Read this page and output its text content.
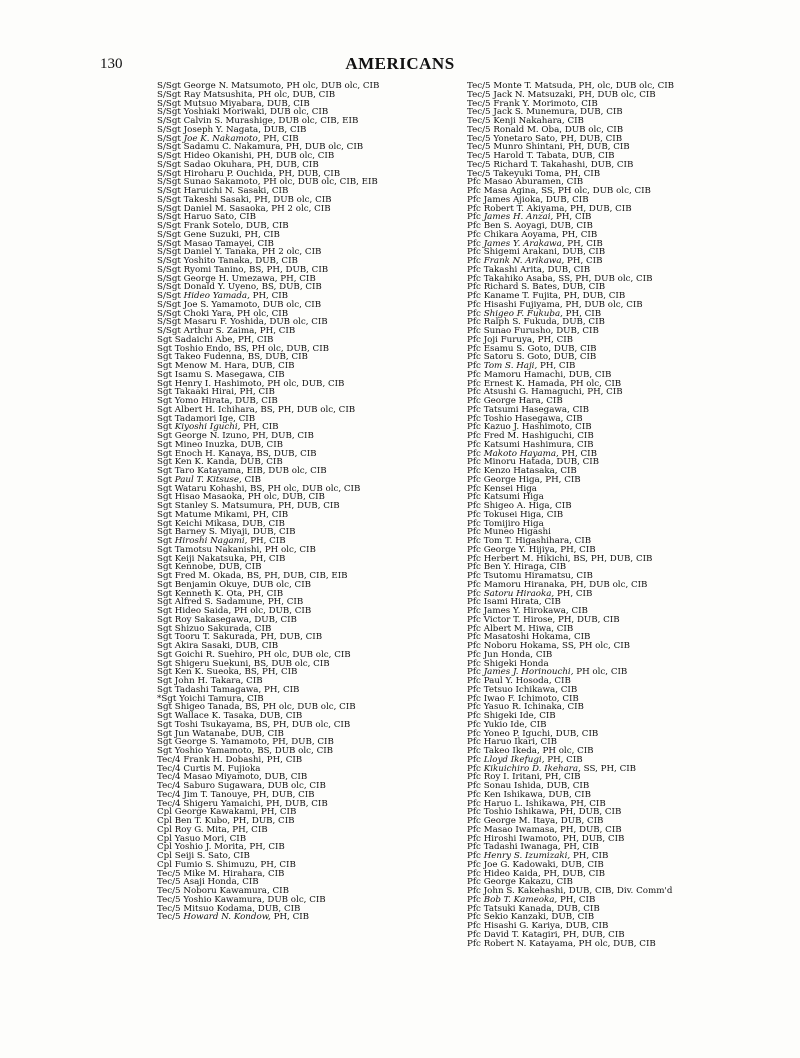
130	AMERICANS
S/Sgt George N. Matsumoto, PH olc, DUB olc, CIB
S/Sgt Ray Matsushita, PH olc, DUB, CIB
S/Sgt Mutsuo Miyabara, DUB, CIB
S/Sgt Yoshiaki Moriwaki, DUB olc, CIB
S/Sgt Calvin S. Murashige, DUB olc, CIB, EIB
S/Sgt Joseph Y. Nagata, DUB, CIB
S/Sgt Joe K. Nakamoto, PH, CIB
S/Sgt Sadamu C. Nakamura, PH, DUB olc, CIB
S/Sgt Hideo Okanishi, PH, DUB olc, CIB
S/Sgt Sadao Okuhara, PH, DUB, CIB
S/Sgt Hiroharu P. Ouchida, PH, DUB, CIB
S/Sgt Sunao Sakamoto, PH olc, DUB olc, CIB, EIB
S/Sgt Haruichi N. Sasaki, CIB
S/Sgt Takeshi Sasaki, PH, DUB olc, CIB
S/Sgt Daniel M. Sasaoka, PH 2 olc, CIB
S/Sgt Haruo Sato, CIB
S/Sgt Frank Sotelo, DUB, CIB
S/Sgt Gene Suzuki, PH, CIB
S/Sgt Masao Tamayei, CIB
S/Sgt Daniel Y. Tanaka, PH 2 olc, CIB
S/Sgt Yoshito Tanaka, DUB, CIB
S/Sgt Ryomi Tanino, BS, PH, DUB, CIB
S/Sgt George H. Umezawa, PH, CIB
S/Sgt Donald Y. Uyeno, BS, DUB, CIB
S/Sgt Hideo Yamada, PH, CIB
S/Sgt Joe S. Yamamoto, DUB olc, CIB
S/Sgt Choki Yara, PH olc, CIB
S/Sgt Masaru F. Yoshida, DUB olc, CIB
S/Sgt Arthur S. Zaima, PH, CIB
Sgt Sadaichi Abe, PH, CIB
Sgt Toshio Endo, BS, PH olc, DUB, CIB
Sgt Takeo Fudenna, BS, DUB, CIB
Sgt Menow M. Hara, DUB, CIB
Sgt Isamu S. Masegawa, CIB
Sgt Henry I. Hashimoto, PH olc, DUB, CIB
Sgt Takaaki Hirai, PH, CIB
Sgt Yomo Hirata, DUB, CIB
Sgt Albert H. Ichihara, BS, PH, DUB olc, CIB
Sgt Tadamori Ige, CIB
Sgt Kiyoshi Iguchi, PH, CIB
Sgt George N. Izuno, PH, DUB, CIB
Sgt Mineo Inuzka, DUB, CIB
Sgt Enoch H. Kanaya, BS, DUB, CIB
Sgt Ken K. Kanda, DUB, CIB
Sgt Taro Katayama, EIB, DUB olc, CIB
Sgt Paul T. Kitsuse, CIB
Sgt Wataru Kohashi, BS, PH olc, DUB olc, CIB
Sgt Hisao Masaoka, PH olc, DUB, CIB
Sgt Stanley S. Matsumura, PH, DUB, CIB
Sgt Matume Mikami, PH, CIB
Sgt Keichi Mikasa, DUB, CIB
Sgt Barney S. Miyaji, DUB, CIB
Sgt Hiroshi Nagami, PH, CIB
Sgt Tamotsu Nakanishi, PH olc, CIB
Sgt Keiji Nakatsuka, PH, CIB
Sgt Kennobe, DUB, CIB
Sgt Fred M. Okada, BS, PH, DUB, CIB, EIB
Sgt Benjamin Okuye, DUB olc, CIB
Sgt Kenneth K. Ota, PH, CIB
Sgt Alfred S. Sadamune, PH, CIB
Sgt Hideo Saida, PH olc, DUB, CIB
Sgt Roy Sakasegawa, DUB, CIB
Sgt Shizuo Sakurada, CIB
Sgt Tooru T. Sakurada, PH, DUB, CIB
Sgt Akira Sasaki, DUB, CIB
Sgt Goichi R. Suehiro, PH olc, DUB olc, CIB
Sgt Shigeru Suekuni, BS, DUB olc, CIB
Sgt Ken K. Sueoka, BS, PH, CIB
Sgt John H. Takara, CIB
Sgt Tadashi Tamagawa, PH, CIB
*Sgt Yoichi Tamura, CIB
Sgt Shigeo Tanada, BS, PH olc, DUB olc, CIB
Sgt Wallace K. Tasaka, DUB, CIB
Sgt Toshi Tsukayama, BS, PH, DUB olc, CIB
Sgt Jun Watanabe, DUB, CIB
Sgt George S. Yamamoto, PH, DUB, CIB
Sgt Yoshio Yamamoto, BS, DUB olc, CIB
Tec/4 Frank H. Dobashi, PH, CIB
Tec/4 Curtis M. Fujioka
Tec/4 Masao Miyamoto, DUB, CIB
Tec/4 Saburo Sugawara, DUB olc, CIB
Tec/4 Jim T. Tanouye, PH, DUB, CIB
Tec/4 Shigeru Yamaichi, PH, DUB, CIB
Cpl George Kawakami, PH, CIB
Cpl Ben T. Kubo, PH, DUB, CIB
Cpl Roy G. Mita, PH, CIB
Cpl Yasuo Mori, CIB
Cpl Yoshio J. Morita, PH, CIB
Cpl Seiji S. Sato, CIB
Cpl Fumio S. Shimuzu, PH, CIB
Tec/5 Mike M. Hirahara, CIB
Tec/5 Asaji Honda, CIB
Tec/5 Noboru Kawamura, CIB
Tec/5 Yoshio Kawamura, DUB olc, CIB
Tec/5 Mitsuo Kodama, DUB, CIB
Tec/5 Howard N. Kondow, PH, CIB
Tec/5 Monte T. Matsuda, PH, olc, DUB olc, CIB
Tec/5 Jack N. Matsuzaki, PH, DUB olc, CIB
Tec/5 Frank Y. Morimoto, CIB
Tec/5 Jack S. Munemura, DUB, CIB
Tec/5 Kenji Nakahara, CIB
Tec/5 Ronald M. Oba, DUB olc, CIB
Tec/5 Yonetaro Sato, PH, DUB, CIB
Tec/5 Munro Shintani, PH, DUB, CIB
Tec/5 Harold T. Tabata, DUB, CIB
Tec/5 Richard T. Takahashi, DUB, CIB
Tec/5 Takeyuki Toma, PH, CIB
Pfc Masao Aburamen, CIB
Pfc Masa Agina, SS, PH olc, DUB olc, CIB
Pfc James Ajioka, DUB, CIB
Pfc Robert T. Akiyama, PH, DUB, CIB
Pfc James H. Anzai, PH, CIB
Pfc Ben S. Aoyagi, DUB, CIB
Pfc Chikara Aoyama, PH, CIB
Pfc James Y. Arakawa, PH, CIB
Pfc Shigemi Arakani, DUB, CIB
Pfc Frank N. Arikawa, PH, CIB
Pfc Takashi Arita, DUB, CIB
Pfc Takahiko Asaba, SS, PH, DUB olc, CIB
Pfc Richard S. Bates, DUB, CIB
Pfc Kaname T. Fujita, PH, DUB, CIB
Pfc Hisashi Fujiyama, PH, DUB olc, CIB
Pfc Shigeo F. Fukuba, PH, CIB
Pfc Ralph S. Fukuda, DUB, CIB
Pfc Sunao Furusho, DUB, CIB
Pfc Joji Furuya, PH, CIB
Pfc Esamu S. Goto, DUB, CIB
Pfc Satoru S. Goto, DUB, CIB
Pfc Tom S. Haji, PH, CIB
Pfc Mamoru Hamachi, DUB, CIB
Pfc Ernest K. Hamada, PH olc, CIB
Pfc Atsushi G. Hamaguchi, PH, CIB
Pfc George Hara, CIB
Pfc Tatsumi Hasegawa, CIB
Pfc Toshio Hasegawa, CIB
Pfc Kazuo J. Hashimoto, CIB
Pfc Fred M. Hashiguchi, CIB
Pfc Katsumi Hashimura, CIB
Pfc Makoto Hayama, PH, CIB
Pfc Minoru Hatada, DUB, CIB
Pfc Kenzo Hatasaka, CIB
Pfc George Higa, PH, CIB
Pfc Kensei Higa
Pfc Katsumi Higa
Pfc Shigeo A. Higa, CIB
Pfc Tokusei Higa, CIB
Pfc Tomijiro Higa
Pfc Muneo Higashi
Pfc Tom T. Higashihara, CIB
Pfc George Y. Hijiya, PH, CIB
Pfc Herbert M. Hikichi, BS, PH, DUB, CIB
Pfc Ben Y. Hiraga, CIB
Pfc Tsutomu Hiramatsu, CIB
Pfc Mamoru Hiranaka, PH, DUB olc, CIB
Pfc Satoru Hiraoka, PH, CIB
Pfc Isami Hirata, CIB
Pfc James Y. Hirokawa, CIB
Pfc Victor T. Hirose, PH, DUB, CIB
Pfc Albert M. Hiwa, CIB
Pfc Masatoshi Hokama, CIB
Pfc Noboru Hokama, SS, PH olc, CIB
Pfc Jun Honda, CIB
Pfc Shigeki Honda
Pfc James J. Horinouchi, PH olc, CIB
Pfc Paul Y. Hosoda, CIB
Pfc Tetsuo Ichikawa, CIB
Pfc Iwao F. Ichimoto, CIB
Pfc Yasuo R. Ichinaka, CIB
Pfc Shigeki Ide, CIB
Pfc Yukio Ide, CIB
Pfc Yoneo P. Iguchi, DUB, CIB
Pfc Haruo Ikari, CIB
Pfc Takeo Ikeda, PH olc, CIB
Pfc Lloyd Ikefugi, PH, CIB
Pfc Kikuichiro D. Ikehara, SS, PH, CIB
Pfc Roy I. Iritani, PH, CIB
Pfc Sonau Ishida, DUB, CIB
Pfc Ken Ishikawa, DUB, CIB
Pfc Haruo L. Ishikawa, PH, CIB
Pfc Toshio Ishikawa, PH, DUB, CIB
Pfc George M. Itaya, DUB, CIB
Pfc Masao Iwamasa, PH, DUB, CIB
Pfc Hiroshi Iwamoto, PH, DUB, CIB
Pfc Tadashi Iwanaga, PH, CIB
Pfc Henry S. Izumizaki, PH, CIB
Pfc Joe G. Kadowaki, DUB, CIB
Pfc Hideo Kaida, PH, DUB, CIB
Pfc George Kakazu, CIB
Pfc John S. Kakehashi, DUB, CIB, Div. Comm'd
Pfc Bob T. Kameoka, PH, CIB
Pfc Tatsuki Kanada, DUB, CIB
Pfc Sekio Kanzaki, DUB, CIB
Pfc Hisashi G. Kariya, DUB, CIB
Pfc David T. Katagiri, PH, DUB, CIB
Pfc Robert N. Katayama, PH olc, DUB, CIB
